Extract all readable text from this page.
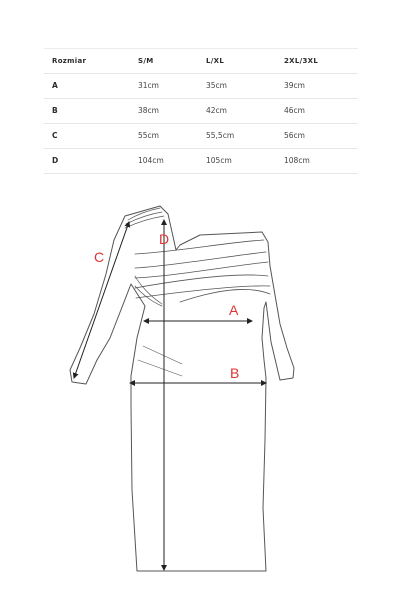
Rozmiar	S/M	L/XL	2XL/3XL
A	31cm	35cm	39cm
B	38cm	42cm	46cm
C	55cm	55,5cm	56cm
D	104cm	105cm	108cm
C
D
A
B
